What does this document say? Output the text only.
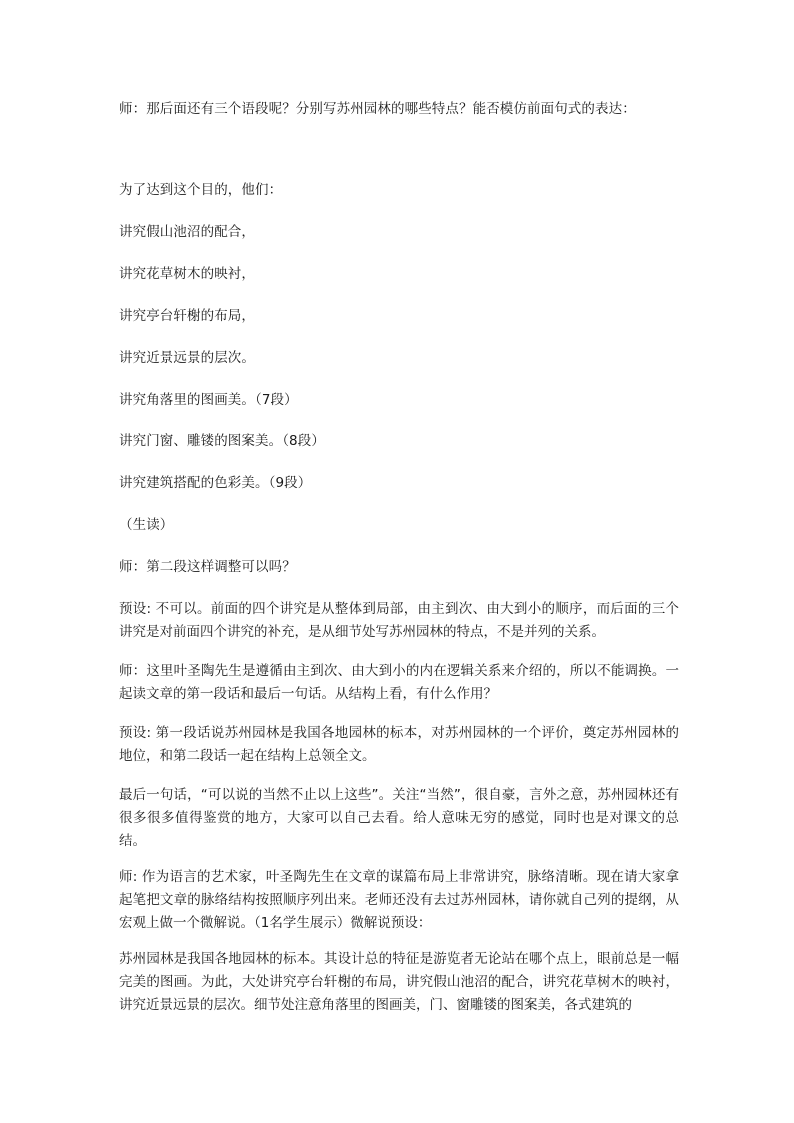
师：那后面还有三个语段呢？分别写苏州园林的哪些特点？能否模仿前面句式的表达：
为了达到这个目的，他们：
讲究假山池沼的配合，
讲究花草树木的映衬，
讲究亭台轩榭的布局，
讲究近景远景的层次。
讲究角落里的图画美。（7段）
讲究门窗、雕镂的图案美。（8段）
讲究建筑搭配的色彩美。（9段）
（生读）
师：第二段这样调整可以吗？
预设: 不可以。前面的四个讲究是从整体到局部，由主到次、由大到小的顺序，而后面的三个讲究是对前面四个讲究的补充，是从细节处写苏州园林的特点，不是并列的关系。
师：这里叶圣陶先生是遵循由主到次、由大到小的内在逻辑关系来介绍的，所以不能调换。一起读文章的第一段话和最后一句话。从结构上看，有什么作用？
预设: 第一段话说苏州园林是我国各地园林的标本，对苏州园林的一个评价，奠定苏州园林的地位，和第二段话一起在结构上总领全文。
最后一句话，“可以说的当然不止以上这些”。关注“当然”，很自豪，言外之意，苏州园林还有很多很多值得鉴赏的地方，大家可以自己去看。给人意味无穷的感觉，同时也是对课文的总结。
师: 作为语言的艺术家，叶圣陶先生在文章的谋篇布局上非常讲究，脉络清晰。现在请大家拿起笔把文章的脉络结构按照顺序列出来。老师还没有去过苏州园林，请你就自己列的提纲，从宏观上做一个微解说。（1名学生展示）微解说预设：
苏州园林是我国各地园林的标本。其设计总的特征是游览者无论站在哪个点上，眼前总是一幅完美的图画。为此，大处讲究亭台轩榭的布局，讲究假山池沼的配合，讲究花草树木的映衬，讲究近景远景的层次。细节处注意角落里的图画美，门、窗雕镂的图案美，各式建筑的
